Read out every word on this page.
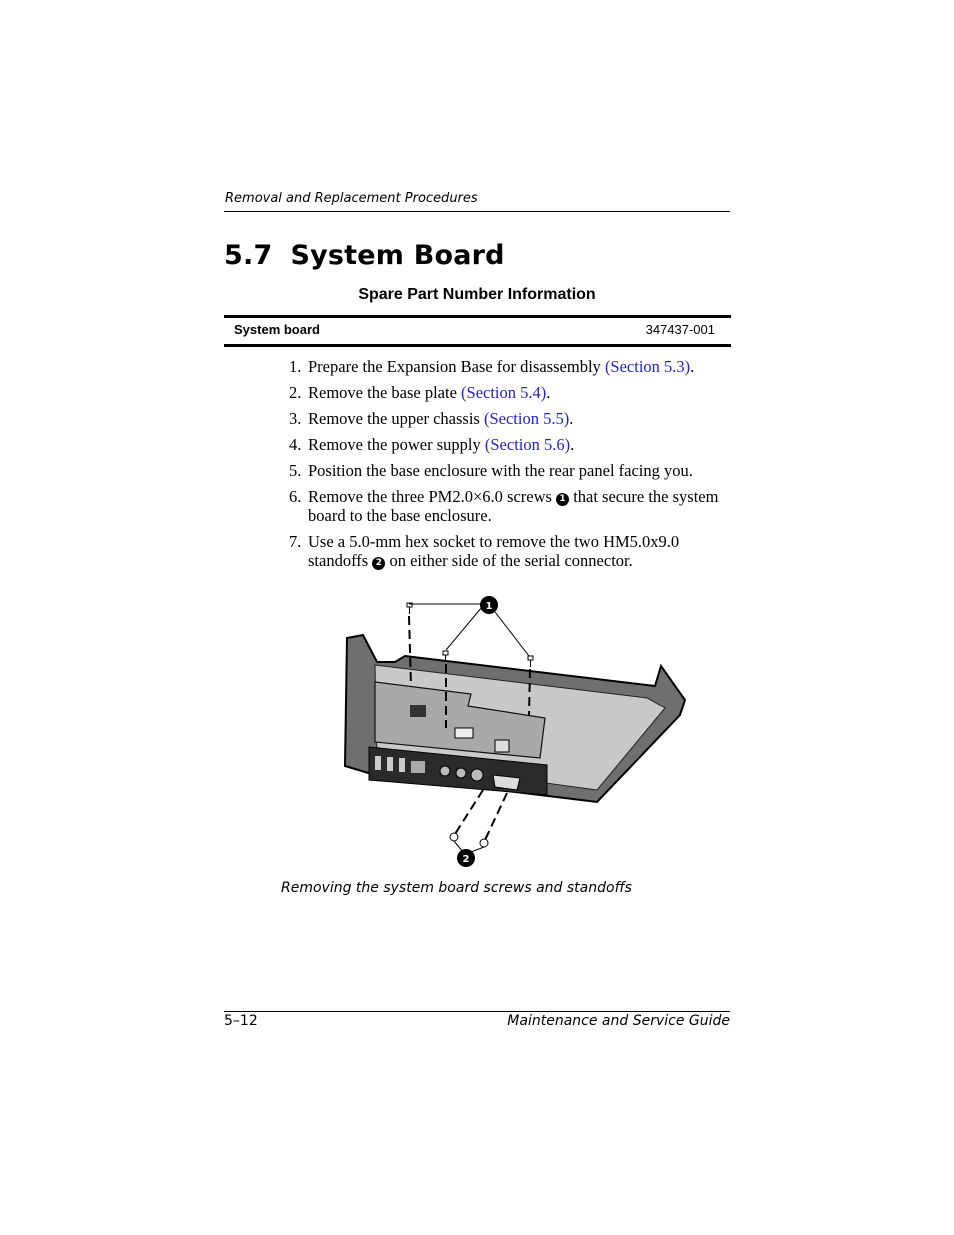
Removal and Replacement Procedures
5.7 System Board
Spare Part Number Information
System board	347437-001
1. Prepare the Expansion Base for disassembly (Section 5.3).
2. Remove the base plate (Section 5.4).
3. Remove the upper chassis (Section 5.5).
4. Remove the power supply (Section 5.6).
5. Position the base enclosure with the rear panel facing you.
6. Remove the three PM2.0×6.0 screws 1 that secure the system board to the base enclosure.
7. Use a 5.0-mm hex socket to remove the two HM5.0x9.0 standoffs 2 on either side of the serial connector.
1
2
Removing the system board screws and standoffs
5–12	Maintenance and Service Guide
